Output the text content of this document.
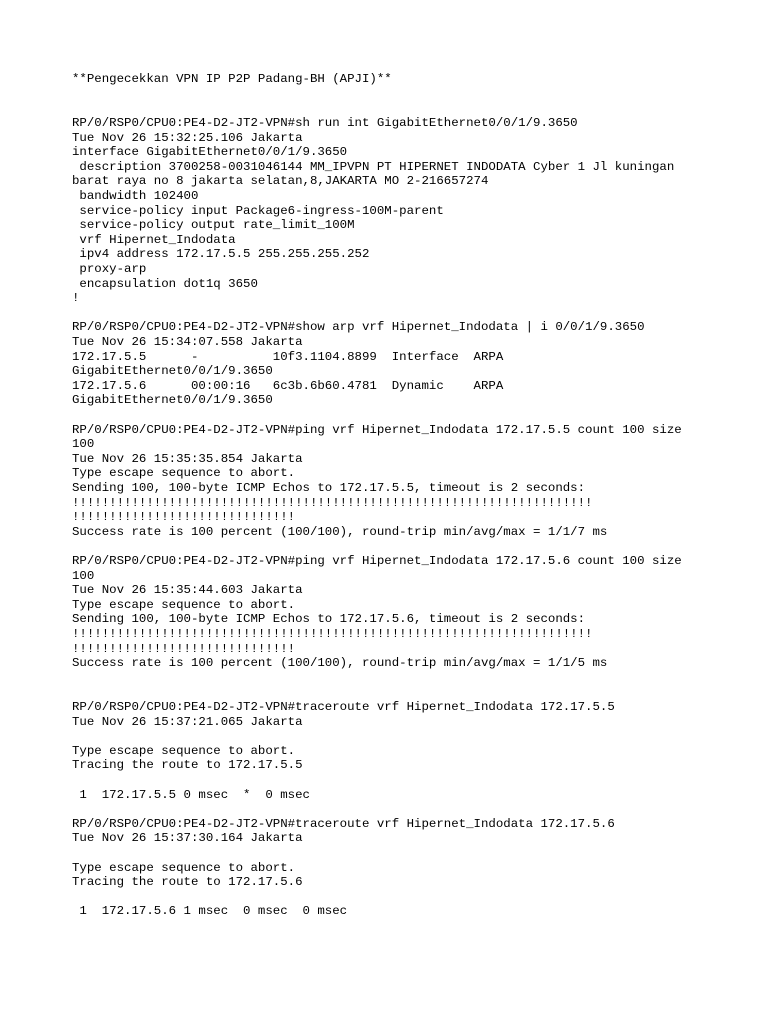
**Pengecekkan VPN IP P2P Padang-BH (APJI)**
RP/0/RSP0/CPU0:PE4-D2-JT2-VPN#sh run int GigabitEthernet0/0/1/9.3650
Tue Nov 26 15:32:25.106 Jakarta
interface GigabitEthernet0/0/1/9.3650
description 3700258-0031046144 MM_IPVPN PT HIPERNET INDODATA Cyber 1 Jl kuningan
barat raya no 8 jakarta selatan,8,JAKARTA MO 2-216657274
bandwidth 102400
service-policy input Package6-ingress-100M-parent
service-policy output rate_limit_100M
vrf Hipernet_Indodata
ipv4 address 172.17.5.5 255.255.255.252
proxy-arp
encapsulation dot1q 3650
!
RP/0/RSP0/CPU0:PE4-D2-JT2-VPN#show arp vrf Hipernet_Indodata | i 0/0/1/9.3650
Tue Nov 26 15:34:07.558 Jakarta
172.17.5.5      -          10f3.1104.8899  Interface  ARPA
GigabitEthernet0/0/1/9.3650
172.17.5.6      00:00:16   6c3b.6b60.4781  Dynamic    ARPA
GigabitEthernet0/0/1/9.3650
RP/0/RSP0/CPU0:PE4-D2-JT2-VPN#ping vrf Hipernet_Indodata 172.17.5.5 count 100 size
100
Tue Nov 26 15:35:35.854 Jakarta
Type escape sequence to abort.
Sending 100, 100-byte ICMP Echos to 172.17.5.5, timeout is 2 seconds:
!!!!!!!!!!!!!!!!!!!!!!!!!!!!!!!!!!!!!!!!!!!!!!!!!!!!!!!!!!!!!!!!!!!!!!
!!!!!!!!!!!!!!!!!!!!!!!!!!!!!!
Success rate is 100 percent (100/100), round-trip min/avg/max = 1/1/7 ms
RP/0/RSP0/CPU0:PE4-D2-JT2-VPN#ping vrf Hipernet_Indodata 172.17.5.6 count 100 size
100
Tue Nov 26 15:35:44.603 Jakarta
Type escape sequence to abort.
Sending 100, 100-byte ICMP Echos to 172.17.5.6, timeout is 2 seconds:
!!!!!!!!!!!!!!!!!!!!!!!!!!!!!!!!!!!!!!!!!!!!!!!!!!!!!!!!!!!!!!!!!!!!!!
!!!!!!!!!!!!!!!!!!!!!!!!!!!!!!
Success rate is 100 percent (100/100), round-trip min/avg/max = 1/1/5 ms
RP/0/RSP0/CPU0:PE4-D2-JT2-VPN#traceroute vrf Hipernet_Indodata 172.17.5.5
Tue Nov 26 15:37:21.065 Jakarta
Type escape sequence to abort.
Tracing the route to 172.17.5.5
1  172.17.5.5 0 msec  *  0 msec
RP/0/RSP0/CPU0:PE4-D2-JT2-VPN#traceroute vrf Hipernet_Indodata 172.17.5.6
Tue Nov 26 15:37:30.164 Jakarta
Type escape sequence to abort.
Tracing the route to 172.17.5.6
1  172.17.5.6 1 msec  0 msec  0 msec
